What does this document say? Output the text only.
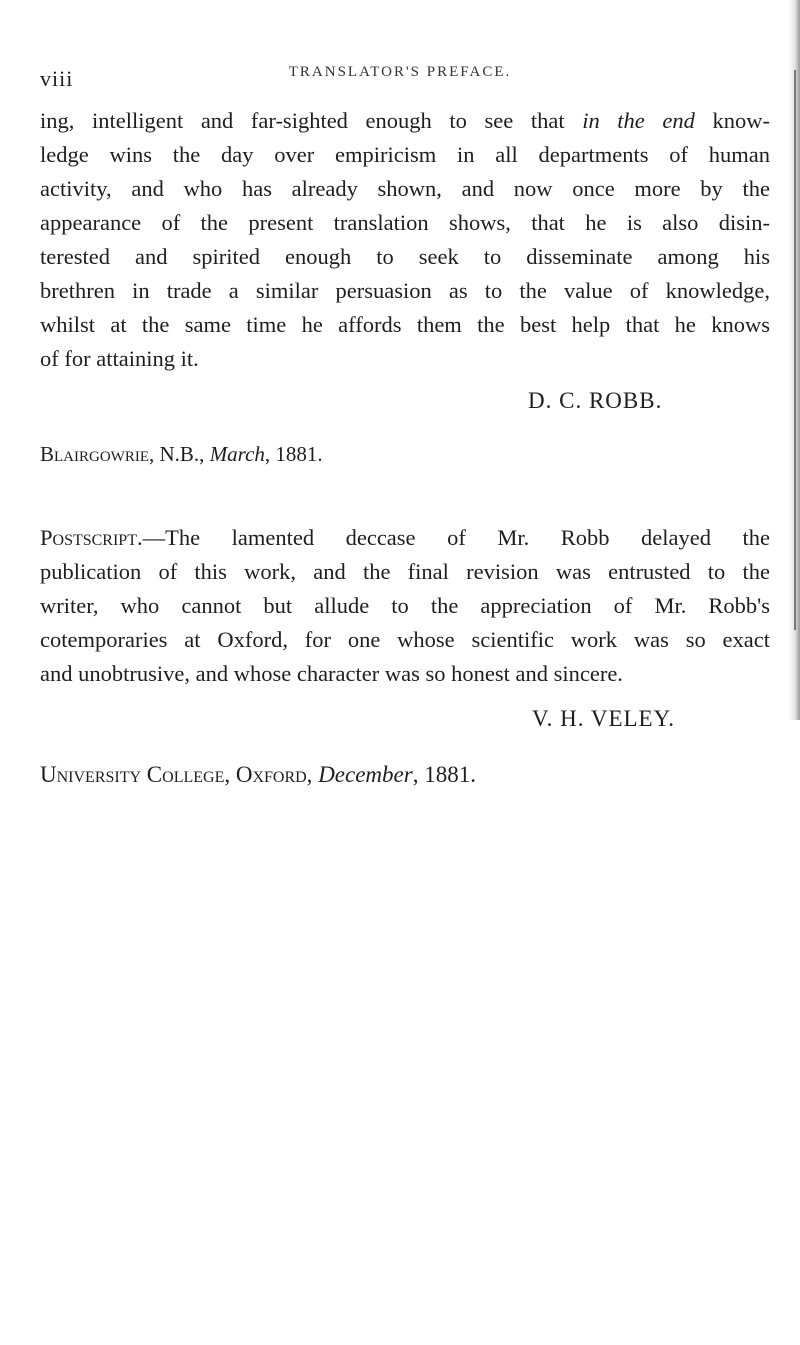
viii	TRANSLATOR'S PREFACE.
ing, intelligent and far-sighted enough to see that in the end know-
ledge wins the day over empiricism in all departments of human
activity, and who has already shown, and now once more by the
appearance of the present translation shows, that he is also disin-
terested and spirited enough to seek to disseminate among his
brethren in trade a similar persuasion as to the value of knowledge,
whilst at the same time he affords them the best help that he knows
of for attaining it.
D. C. ROBB.
Blairgowrie, N.B., March, 1881.
Postscript.—The lamented deccase of Mr. Robb delayed the
publication of this work, and the final revision was entrusted to the
writer, who cannot but allude to the appreciation of Mr. Robb's
cotemporaries at Oxford, for one whose scientific work was so exact
and unobtrusive, and whose character was so honest and sincere.
V. H. VELEY.
University College, Oxford, December, 1881.
